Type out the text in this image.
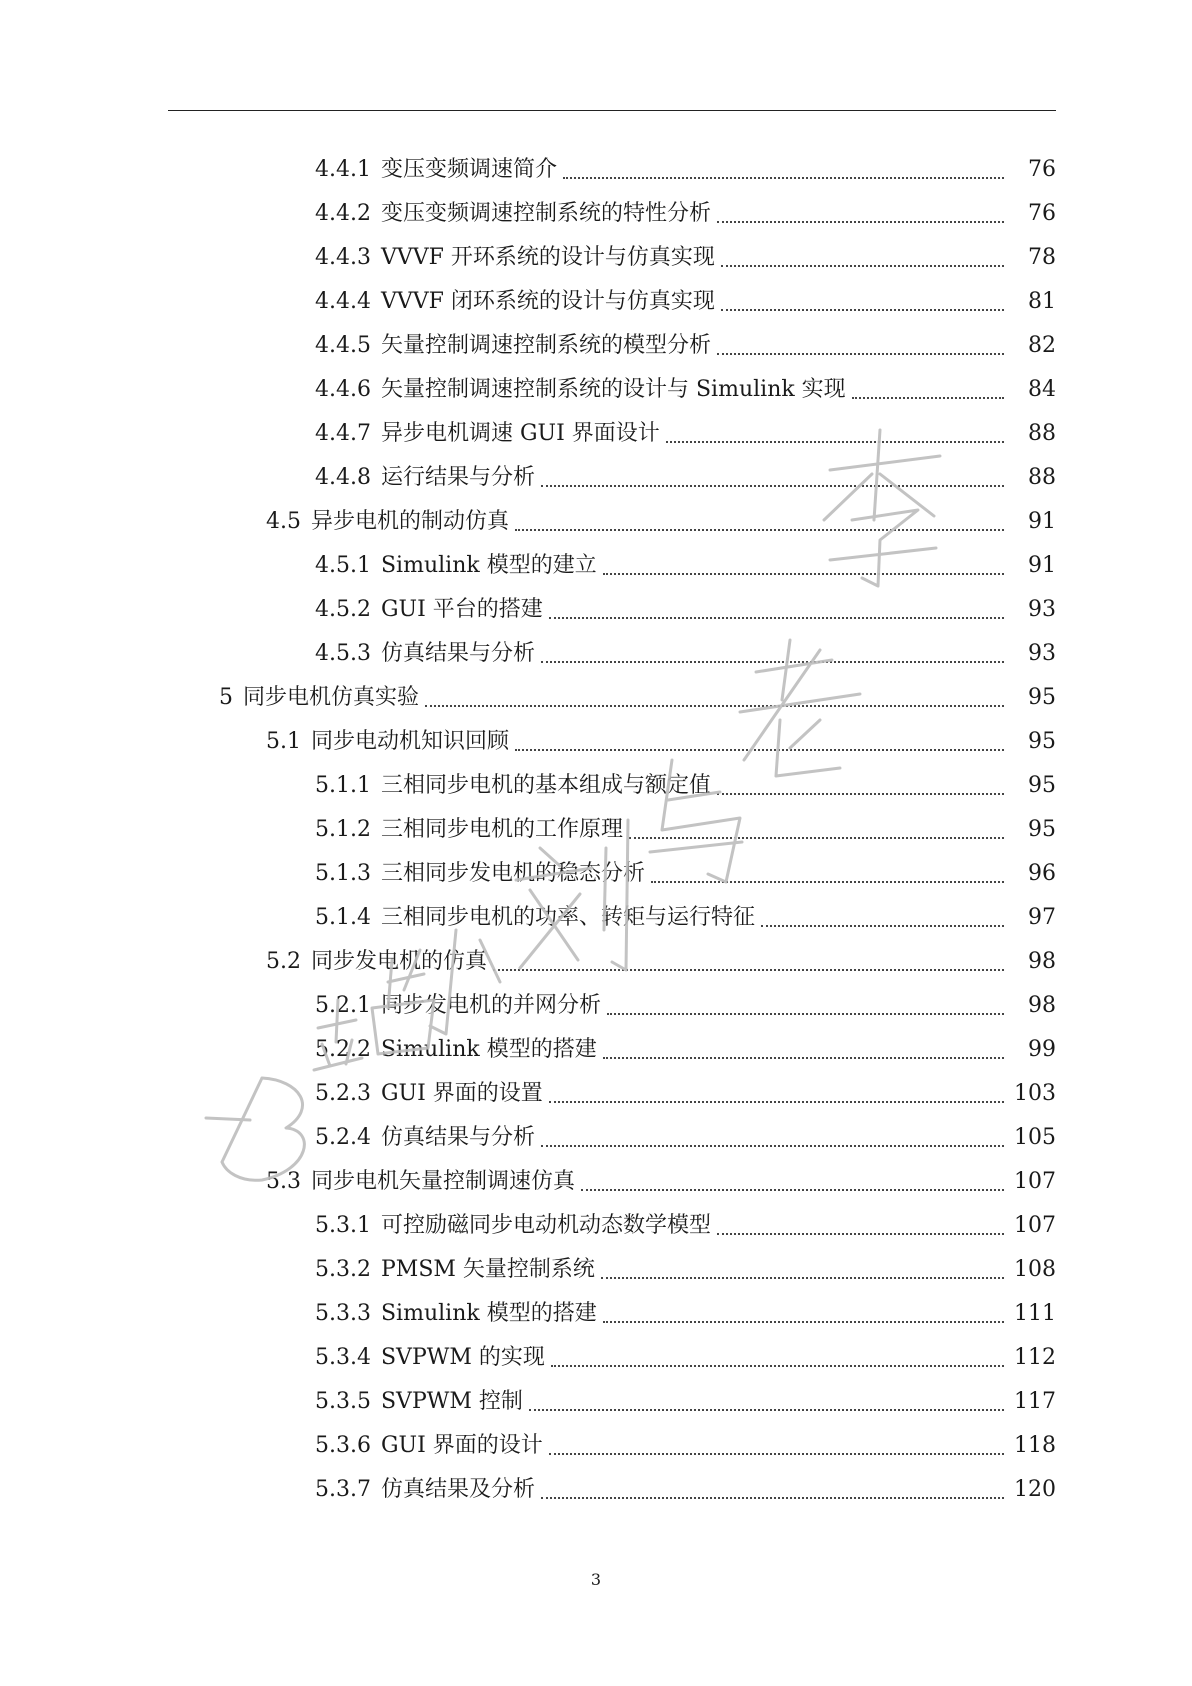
4.4.1 变压变频调速简介	76
4.4.2 变压变频调速控制系统的特性分析	76
4.4.3 VVVF 开环系统的设计与仿真实现	78
4.4.4 VVVF 闭环系统的设计与仿真实现	81
4.4.5 矢量控制调速控制系统的模型分析	82
4.4.6 矢量控制调速控制系统的设计与 Simulink 实现	84
4.4.7 异步电机调速 GUI 界面设计	88
4.4.8 运行结果与分析	88
4.5 异步电机的制动仿真	91
4.5.1 Simulink 模型的建立	91
4.5.2 GUI 平台的搭建	93
4.5.3 仿真结果与分析	93
5 同步电机仿真实验	95
5.1 同步电动机知识回顾	95
5.1.1 三相同步电机的基本组成与额定值	95
5.1.2 三相同步电机的工作原理	95
5.1.3 三相同步发电机的稳态分析	96
5.1.4 三相同步电机的功率、转矩与运行特征	97
5.2 同步发电机的仿真	98
5.2.1 同步发电机的并网分析	98
5.2.2 Simulink 模型的搭建	99
5.2.3 GUI 界面的设置	103
5.2.4 仿真结果与分析	105
5.3 同步电机矢量控制调速仿真	107
5.3.1 可控励磁同步电动机动态数学模型	107
5.3.2 PMSM 矢量控制系统	108
5.3.3 Simulink 模型的搭建	111
5.3.4 SVPWM 的实现	112
5.3.5 SVPWM 控制	117
5.3.6 GUI 界面的设计	118
5.3.7 仿真结果及分析	120
3
